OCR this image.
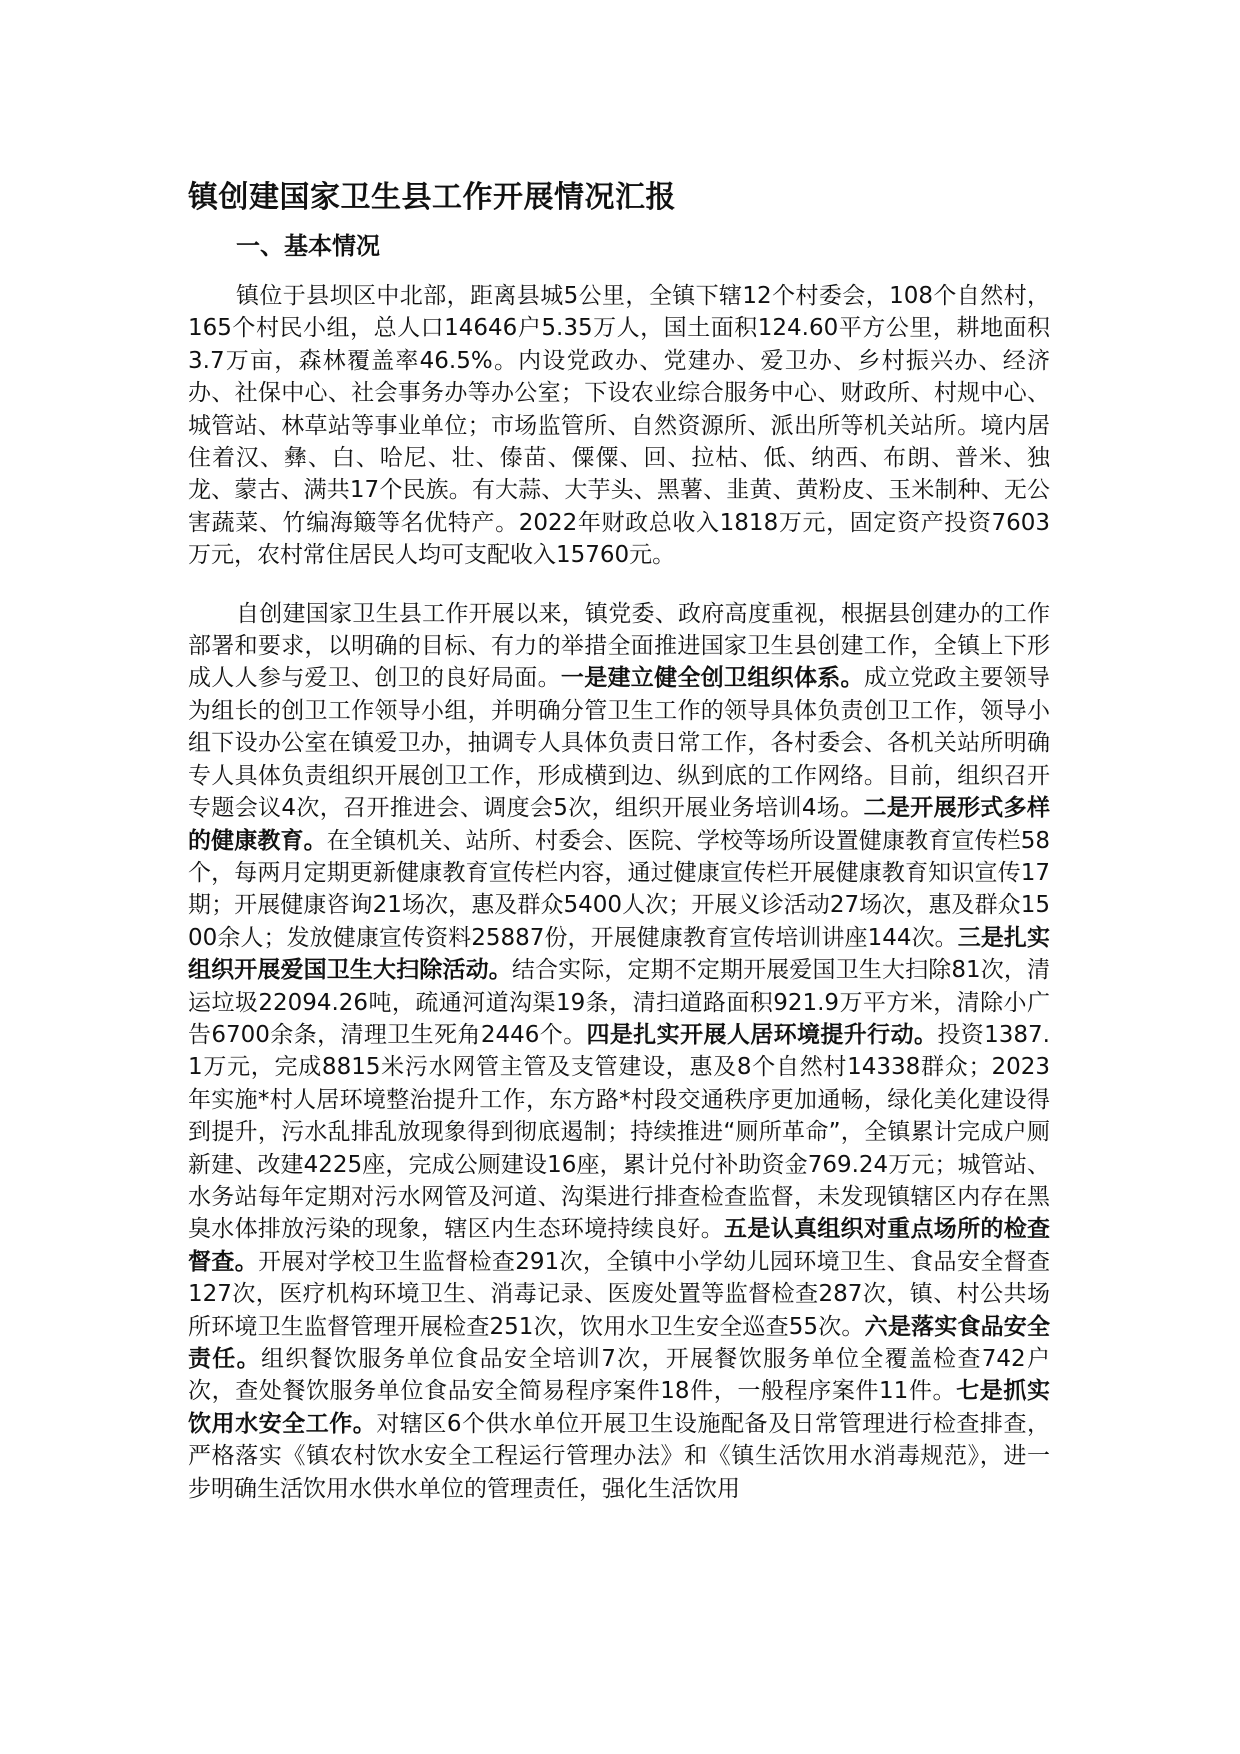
镇创建国家卫生县工作开展情况汇报
一、基本情况

镇位于县坝区中北部，距离县城5公里，全镇下辖12个村委会，108个自然村，165个村民小组，总人口14646户5.35万人，国土面积124.60平方公里，耕地面积3.7万亩，森林覆盖率46.5%。内设党政办、党建办、爱卫办、乡村振兴办、经济办、社保中心、社会事务办等办公室；下设农业综合服务中心、财政所、村规中心、城管站、林草站等事业单位；市场监管所、自然资源所、派出所等机关站所。境内居住着汉、彝、白、哈尼、壮、傣苗、僳僳、回、拉枯、低、纳西、布朗、普米、独龙、蒙古、满共17个民族。有大蒜、大芋头、黑薯、韭黄、黄粉皮、玉米制种、无公害蔬菜、竹编海簸等名优特产。2022年财政总收入1818万元，固定资产投资7603万元，农村常住居民人均可支配收入15760元。

自创建国家卫生县工作开展以来，镇党委、政府高度重视，根据县创建办的工作部署和要求，以明确的目标、有力的举措全面推进国家卫生县创建工作，全镇上下形成人人参与爱卫、创卫的良好局面。一是建立健全创卫组织体系。成立党政主要领导为组长的创卫工作领导小组，并明确分管卫生工作的领导具体负责创卫工作，领导小组下设办公室在镇爱卫办，抽调专人具体负责日常工作，各村委会、各机关站所明确专人具体负责组织开展创卫工作，形成横到边、纵到底的工作网络。目前，组织召开专题会议4次，召开推进会、调度会5次，组织开展业务培训4场。二是开展形式多样的健康教育。在全镇机关、站所、村委会、医院、学校等场所设置健康教育宣传栏58个，每两月定期更新健康教育宣传栏内容，通过健康宣传栏开展健康教育知识宣传17期；开展健康咨询21场次，惠及群众5400人次；开展义诊活动27场次，惠及群众1500余人；发放健康宣传资料25887份，开展健康教育宣传培训讲座144次。三是扎实组织开展爱国卫生大扫除活动。结合实际，定期不定期开展爱国卫生大扫除81次，清运垃圾22094.26吨，疏通河道沟渠19条，清扫道路面积921.9万平方米，清除小广告6700余条，清理卫生死角2446个。四是扎实开展人居环境提升行动。投资1387.1万元，完成8815米污水网管主管及支管建设，惠及8个自然村14338群众；2023年实施*村人居环境整治提升工作，东方路*村段交通秩序更加通畅，绿化美化建设得到提升，污水乱排乱放现象得到彻底遏制；持续推进“厕所革命”，全镇累计完成户厕新建、改建4225座，完成公厕建设16座，累计兑付补助资金769.24万元；城管站、水务站每年定期对污水网管及河道、沟渠进行排查检查监督，未发现镇辖区内存在黑臭水体排放污染的现象，辖区内生态环境持续良好。五是认真组织对重点场所的检查督查。开展对学校卫生监督检查291次，全镇中小学幼儿园环境卫生、食品安全督查127次，医疗机构环境卫生、消毒记录、医废处置等监督检查287次，镇、村公共场所环境卫生监督管理开展检查251次，饮用水卫生安全巡查55次。六是落实食品安全责任。组织餐饮服务单位食品安全培训7次，开展餐饮服务单位全覆盖检查742户次，查处餐饮服务单位食品安全简易程序案件18件，一般程序案件11件。七是抓实饮用水安全工作。对辖区6个供水单位开展卫生设施配备及日常管理进行检查排查，严格落实《镇农村饮水安全工程运行管理办法》和《镇生活饮用水消毒规范》，进一步明确生活饮用水供水单位的管理责任，强化生活饮用
